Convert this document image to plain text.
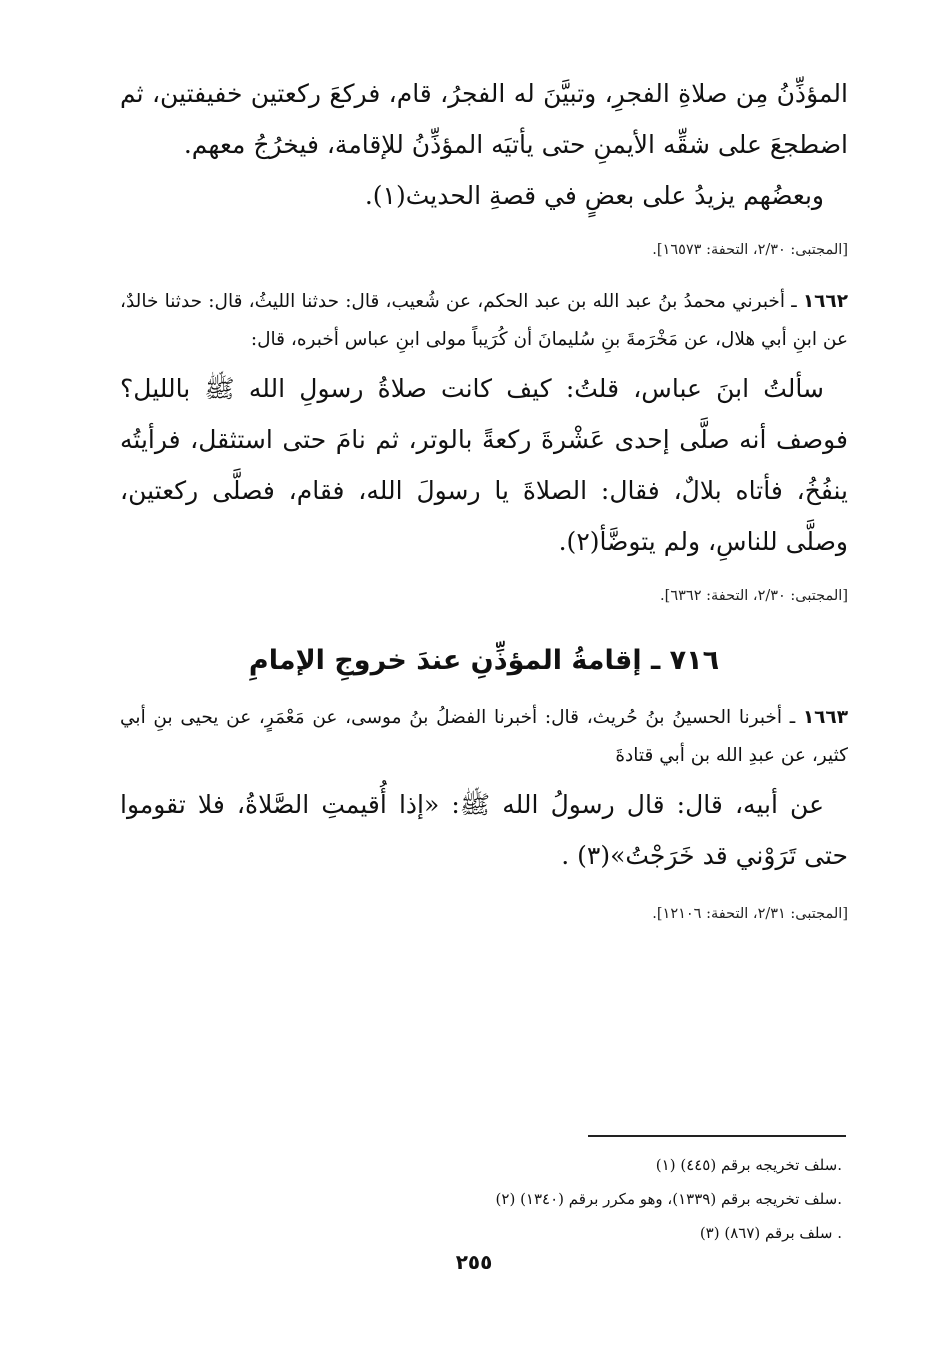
المؤذِّنُ مِن صلاةِ الفجرِ، وتبيَّنَ له الفجرُ، قام، فركعَ ركعتين خفيفتين، ثم اضطجعَ على شقِّه الأيمنِ حتى يأتيَه المؤذِّنُ للإقامة، فيخرُجُ معهم.

وبعضُهم يزيدُ على بعضٍ في قصةِ الحديث(١).

[المجتبى: ٢/٣٠، التحفة: ١٦٥٧٣].

١٦٦٢ ـ أخبرني محمدُ بنُ عبد الله بن عبد الحكم، عن شُعيب، قال: حدثنا الليثُ، قال: حدثنا خالدٌ، عن ابنِ أبي هلال، عن مَخْرَمةَ بنِ سُليمانَ أن كُرَيباً مولى ابنِ عباس أخبره، قال:

سألتُ ابنَ عباس، قلتُ: كيف كانت صلاةُ رسولِ الله ﷺ بالليل؟ فوصف أنه صلَّى إحدى عَشْرةَ ركعةً بالوتر، ثم نامَ حتى استثقل، فرأيتُه ينفُخُ، فأتاه بلالٌ، فقال: الصلاةَ يا رسولَ الله، فقام، فصلَّى ركعتين، وصلَّى للناسِ، ولم يتوضَّأ(٢).

[المجتبى: ٢/٣٠، التحفة: ٦٣٦٢].

٧١٦ ـ إقامةُ المؤذِّنِ عندَ خروجِ الإمامِ

١٦٦٣ ـ أخبرنا الحسينُ بنُ حُريث، قال: أخبرنا الفضلُ بنُ موسى، عن مَعْمَرٍ، عن يحيى بنِ أبي كثير، عن عبدِ الله بن أبي قتادةَ

عن أبيه، قال: قال رسولُ الله ﷺ: «إذا أُقيمتِ الصَّلاةُ، فلا تقوموا حتى تَرَوْني قد خَرَجْتُ»(٣) .

[المجتبى: ٢/٣١، التحفة: ١٢١٠٦].

(١) سلف تخريجه برقم (٤٤٥).

(٢) سلف تخريجه برقم (١٣٣٩)، وهو مكرر برقم (١٣٤٠).

(٣) سلف برقم (٨٦٧) .

٢٥٥
